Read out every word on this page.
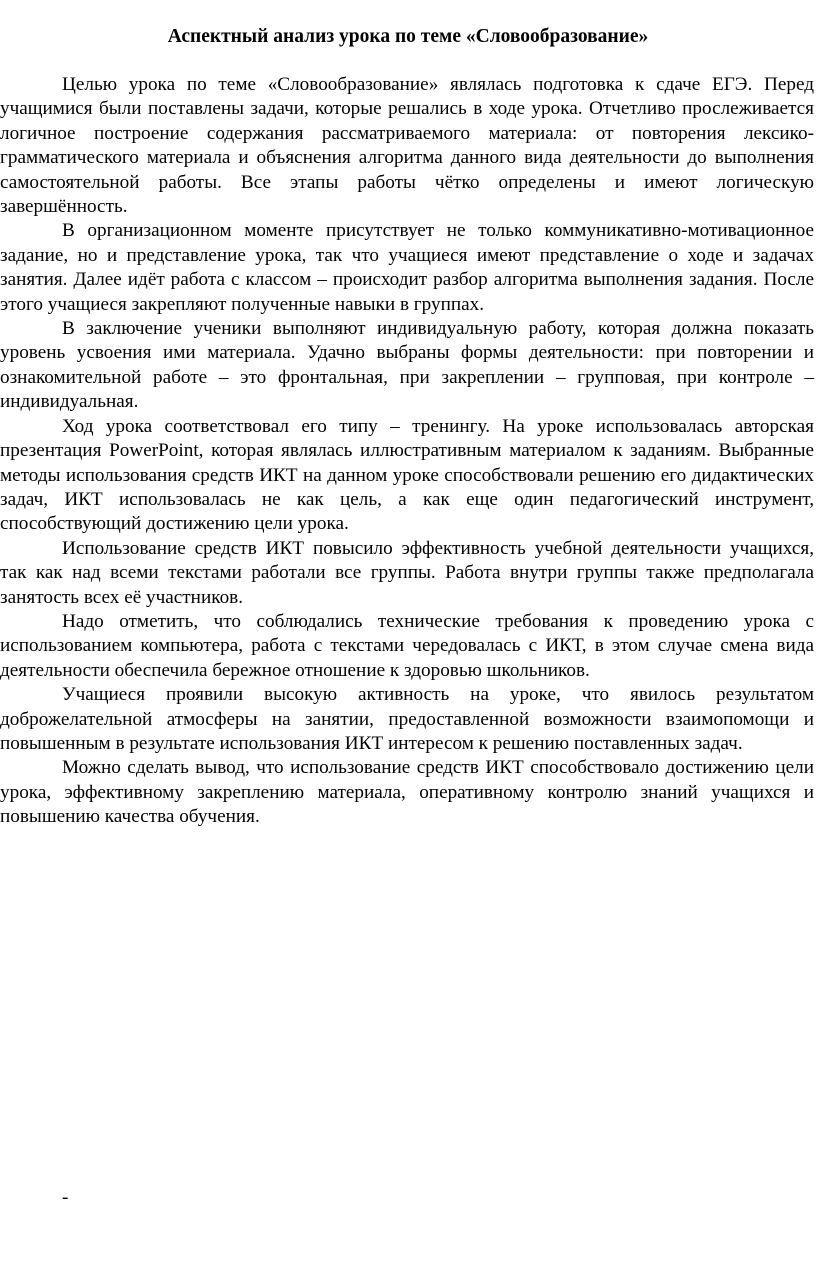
Аспектный анализ урока по теме «Словообразование»

Целью урока по теме «Словообразование» являлась подготовка к сдаче ЕГЭ. Перед учащимися были поставлены задачи, которые решались в ходе урока. Отчетливо прослеживается логичное построение содержания рассматриваемого материала: от повторения лексико-грамматического материала и объяснения алгоритма данного вида деятельности до выполнения самостоятельной работы. Все этапы работы чётко определены и имеют логическую завершённость.

В организационном моменте присутствует не только коммуникативно-мотивационное задание, но и представление урока, так что учащиеся имеют представление о ходе и задачах занятия. Далее идёт работа с классом – происходит разбор алгоритма выполнения задания. После этого учащиеся закрепляют полученные навыки в группах.

В заключение ученики выполняют индивидуальную работу, которая должна показать уровень усвоения ими материала. Удачно выбраны формы деятельности: при повторении и ознакомительной работе – это фронтальная, при закреплении – групповая, при контроле – индивидуальная.

Ход урока соответствовал его типу – тренингу. На уроке использовалась авторская презентация PowerPoint, которая являлась иллюстративным материалом к заданиям. Выбранные методы использования средств ИКТ на данном уроке способствовали решению его дидактических задач, ИКТ использовалась не как цель, а как еще один педагогический инструмент, способствующий достижению цели урока.

Использование средств ИКТ повысило эффективность учебной деятельности учащихся, так как над всеми текстами работали все группы. Работа внутри группы также предполагала занятость всех её участников.

Надо отметить, что соблюдались технические требования к проведению урока с использованием компьютера, работа с текстами чередовалась с ИКТ, в этом случае смена вида деятельности обеспечила бережное отношение к здоровью школьников.

Учащиеся проявили высокую активность на уроке, что явилось результатом доброжелательной атмосферы на занятии, предоставленной возможности взаимопомощи и повышенным в результате использования ИКТ интересом к решению поставленных задач.

Можно сделать вывод, что использование средств ИКТ способствовало достижению цели урока, эффективному закреплению материала, оперативному контролю знаний учащихся и повышению качества обучения.

-
